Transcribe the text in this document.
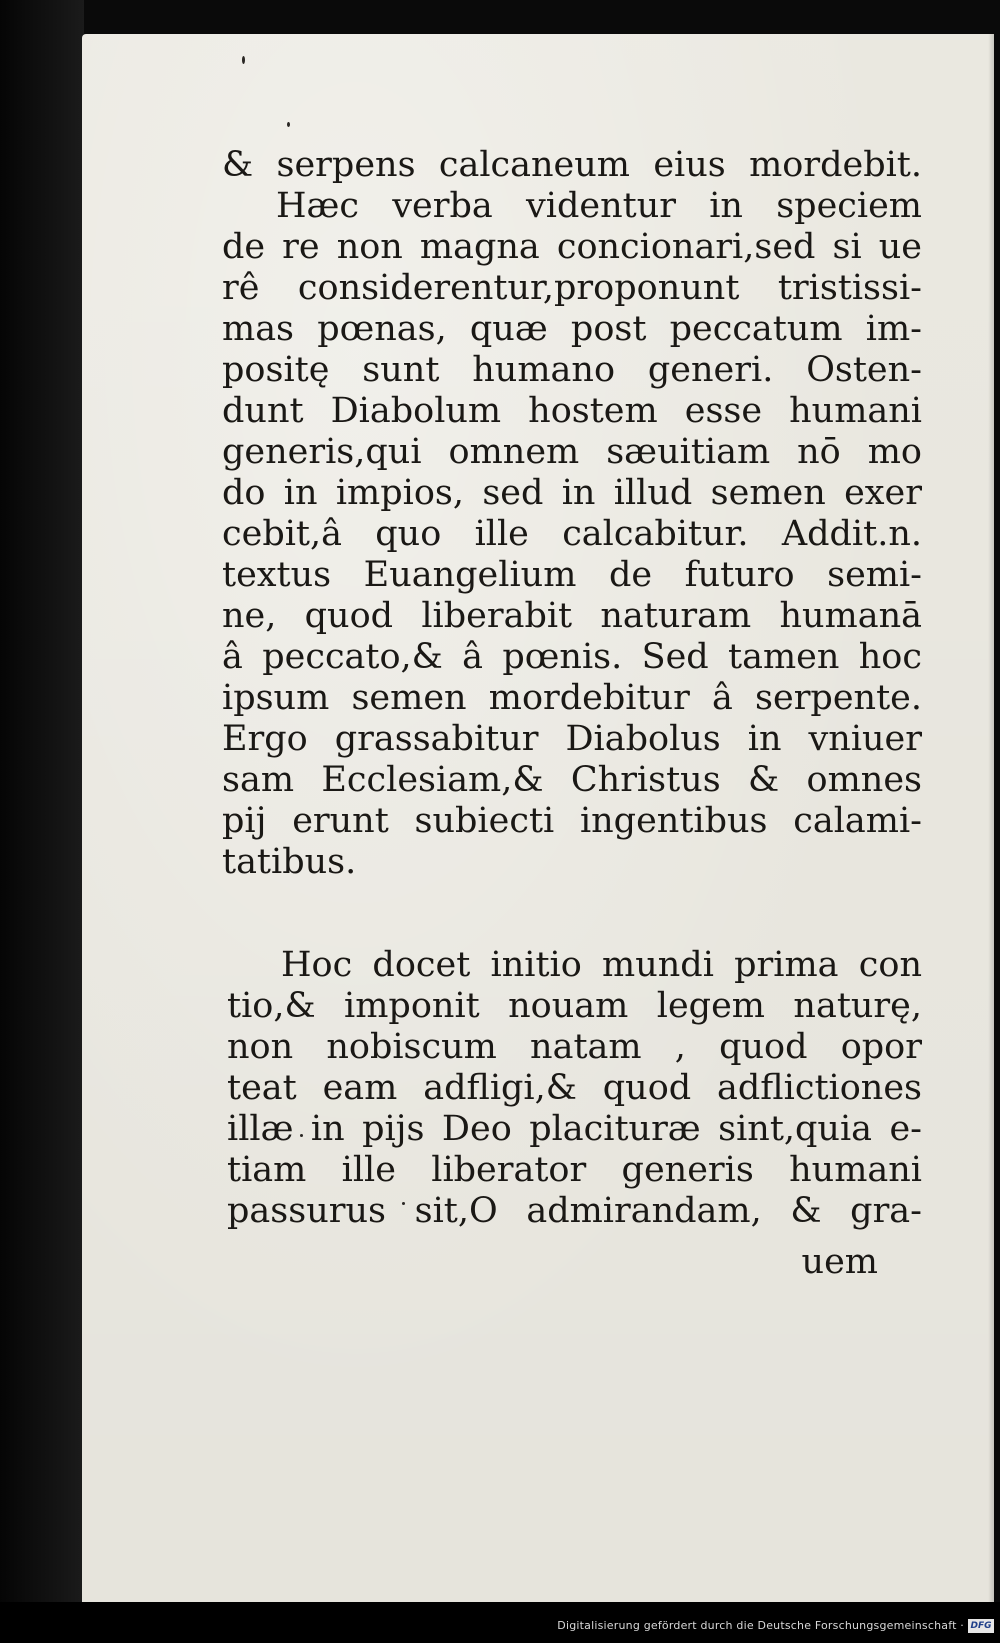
& serpens calcaneum eius mordebit.
Hæc verba videntur in speciem
de re non magna concionari,sed si ue
rê considerentur,proponunt tristissi-
mas pœnas, quæ post peccatum im-
positę sunt humano generi. Osten-
dunt Diabolum hostem esse humani
generis,qui omnem sæuitiam nō mo
do in impios, sed in illud semen exer
cebit,â quo ille calcabitur. Addit.n.
textus Euangelium de futuro semi-
ne, quod liberabit naturam humanā
â peccato,& â pœnis. Sed tamen hoc
ipsum semen mordebitur â serpente.
Ergo grassabitur Diabolus in vniuer
sam Ecclesiam,& Christus & omnes
pij erunt subiecti ingentibus calami-
tatibus.
Hoc docet initio mundi prima con
tio,& imponit nouam legem naturę,
non nobiscum natam , quod opor
teat eam adfligi,& quod adflictiones
illæ in pijs Deo placituræ sint,quia e-
tiam ille liberator generis humani
passurus sit,O admirandam, & gra-
uem
Digitalisierung gefördert durch die Deutsche Forschungsgemeinschaft · DFG
